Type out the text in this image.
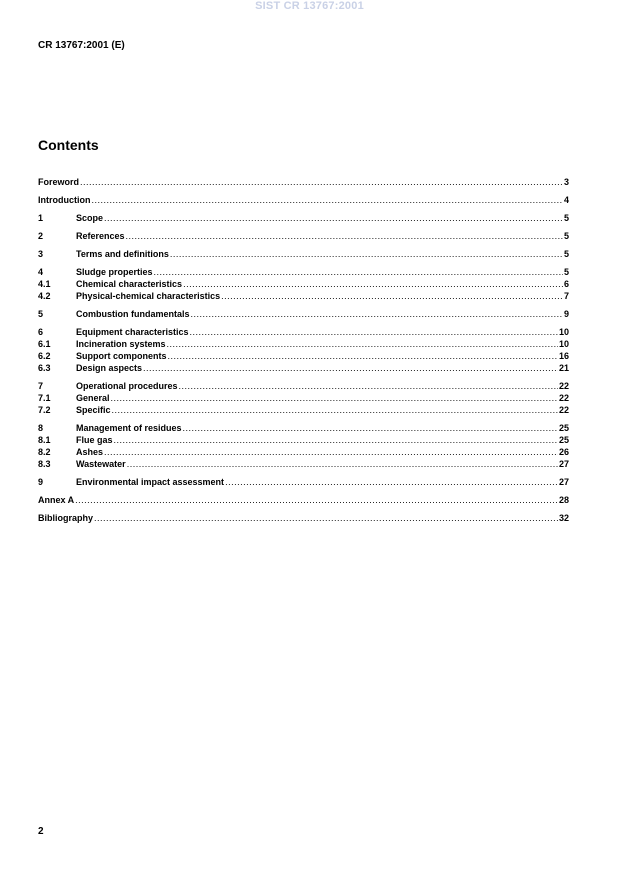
SIST CR 13767:2001
CR 13767:2001 (E)
Contents
Foreword .....	3
Introduction .....	4
1	Scope .....	5
2	References .....	5
3	Terms and definitions .....	5
4	Sludge properties .....	5
4.1	Chemical characteristics .....	6
4.2	Physical-chemical characteristics .....	7
5	Combustion fundamentals .....	9
6	Equipment characteristics .....	10
6.1	Incineration systems .....	10
6.2	Support components .....	16
6.3	Design aspects .....	21
7	Operational procedures .....	22
7.1	General .....	22
7.2	Specific .....	22
8	Management of residues .....	25
8.1	Flue gas .....	25
8.2	Ashes .....	26
8.3	Wastewater .....	27
9	Environmental impact assessment .....	27
Annex A .....	28
Bibliography .....	32
2
